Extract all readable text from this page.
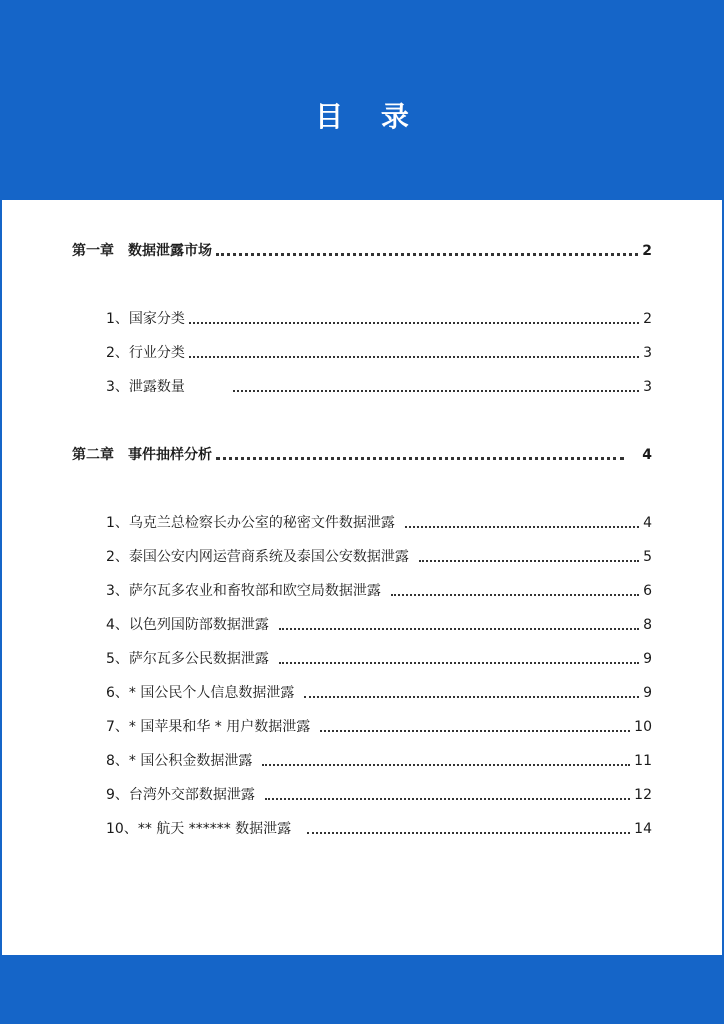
目 录
第一章　数据泄露市场	2
1、国家分类	2
2、行业分类	3
3、泄露数量	3
第二章　事件抽样分析	4
1、乌克兰总检察长办公室的秘密文件数据泄露	4
2、泰国公安内网运营商系统及泰国公安数据泄露	5
3、萨尔瓦多农业和畜牧部和欧空局数据泄露	6
4、以色列国防部数据泄露	8
5、萨尔瓦多公民数据泄露	9
6、* 国公民个人信息数据泄露	9
7、* 国苹果和华 * 用户数据泄露	10
8、* 国公积金数据泄露	11
9、台湾外交部数据泄露	12
10、** 航天 ****** 数据泄露	14
